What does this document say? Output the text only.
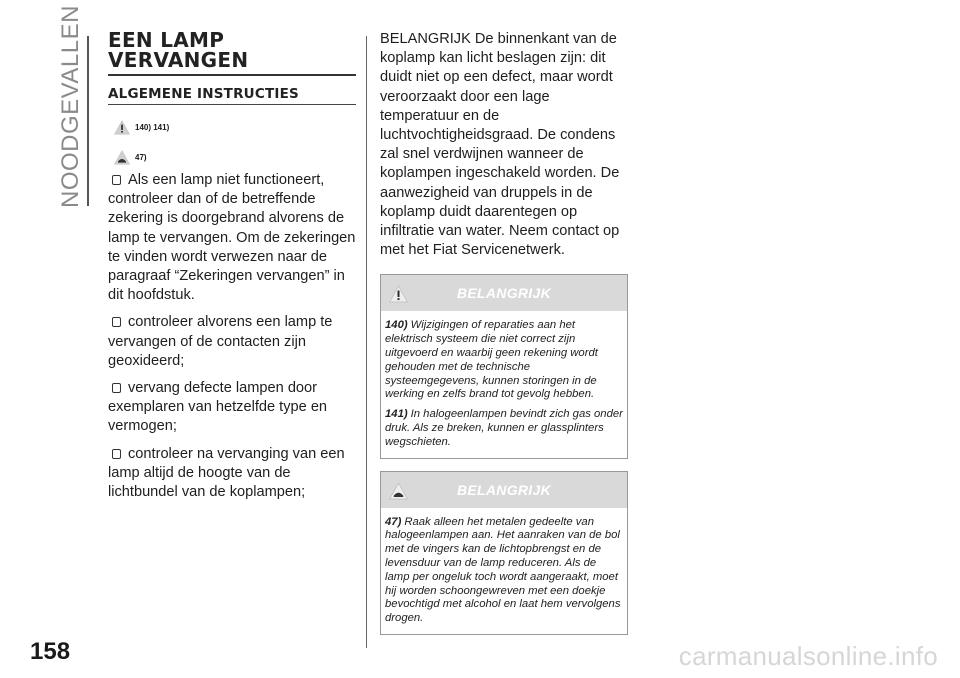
NOODGEVALLEN EEN LAMP VERVANGEN
ALGEMENE INSTRUCTIES
140) 141)
47)
Als een lamp niet functioneert, controleer dan of de betreffende zekering is doorgebrand alvorens de lamp te vervangen. Om de zekeringen te vinden wordt verwezen naar de paragraaf “Zekeringen vervangen” in dit hoofdstuk.
controleer alvorens een lamp te vervangen of de contacten zijn geoxideerd;
vervang defecte lampen door exemplaren van hetzelfde type en vermogen;
controleer na vervanging van een lamp altijd de hoogte van de lichtbundel van de koplampen;
BELANGRIJK De binnenkant van de koplamp kan licht beslagen zijn: dit duidt niet op een defect, maar wordt veroorzaakt door een lage temperatuur en de luchtvochtigheidsgraad. De condens zal snel verdwijnen wanneer de koplampen ingeschakeld worden. De aanwezigheid van druppels in de koplamp duidt daarentegen op infiltratie van water. Neem contact op met het Fiat Servicenetwerk.
BELANGRIJK
140) Wijzigingen of reparaties aan het elektrisch systeem die niet correct zijn uitgevoerd en waarbij geen rekening wordt gehouden met de technische systeemgegevens, kunnen storingen in de werking en zelfs brand tot gevolg hebben.
141) In halogeenlampen bevindt zich gas onder druk. Als ze breken, kunnen er glassplinters wegschieten.
BELANGRIJK
47) Raak alleen het metalen gedeelte van halogeenlampen aan. Het aanraken van de bol met de vingers kan de lichtopbrengst en de levensduur van de lamp reduceren. Als de lamp per ongeluk toch wordt aangeraakt, moet hij worden schoongewreven met een doekje bevochtigd met alcohol en laat hem vervolgens drogen.
158	carmanualsonline.info
